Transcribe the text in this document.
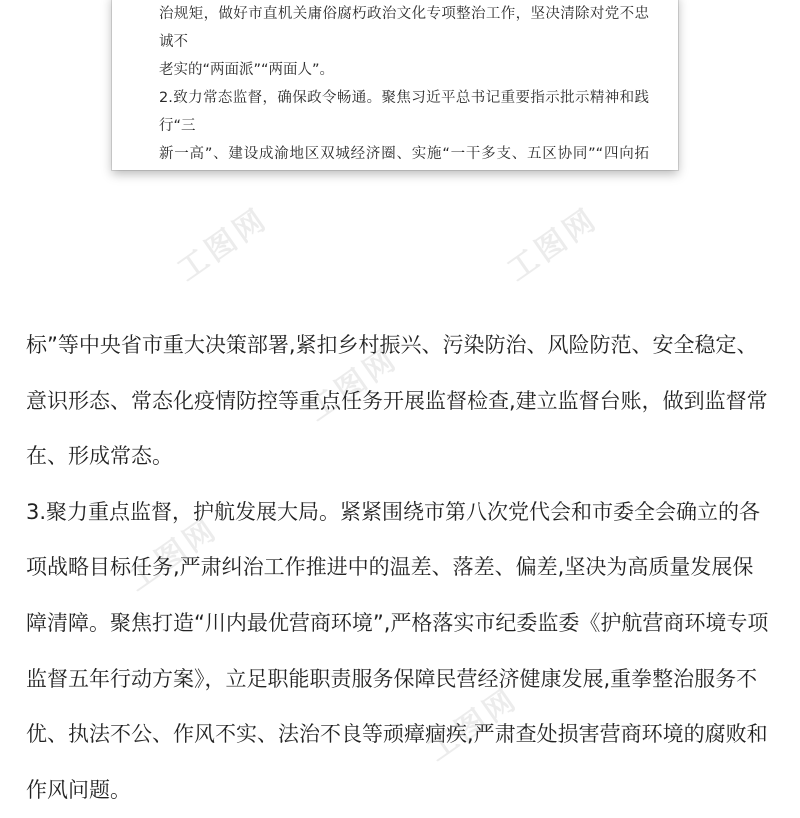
治规矩，做好市直机关庸俗腐朽政治文化专项整治工作，坚决清除对党不忠诚不

老实的“两面派”“两面人”。

2.致力常态监督，确保政令畅通。聚焦习近平总书记重要指示批示精神和践行“三

新一高”、建设成渝地区双城经济圈、实施“一干多支、五区协同”“四向拓

工图网	工图网
工图网
工图网
工图网

标”等中央省市重大决策部署,紧扣乡村振兴、污染防治、风险防范、安全稳定、

意识形态、常态化疫情防控等重点任务开展监督检查,建立监督台账，做到监督常

在、形成常态。

3.聚力重点监督，护航发展大局。紧紧围绕市第八次党代会和市委全会确立的各

项战略目标任务,严肃纠治工作推进中的温差、落差、偏差,坚决为高质量发展保

障清障。聚焦打造“川内最优营商环境”,严格落实市纪委监委《护航营商环境专项

监督五年行动方案》，立足职能职责服务保障民营经济健康发展,重拳整治服务不

优、执法不公、作风不实、法治不良等顽瘴痼疾,严肃查处损害营商环境的腐败和

作风问题。
